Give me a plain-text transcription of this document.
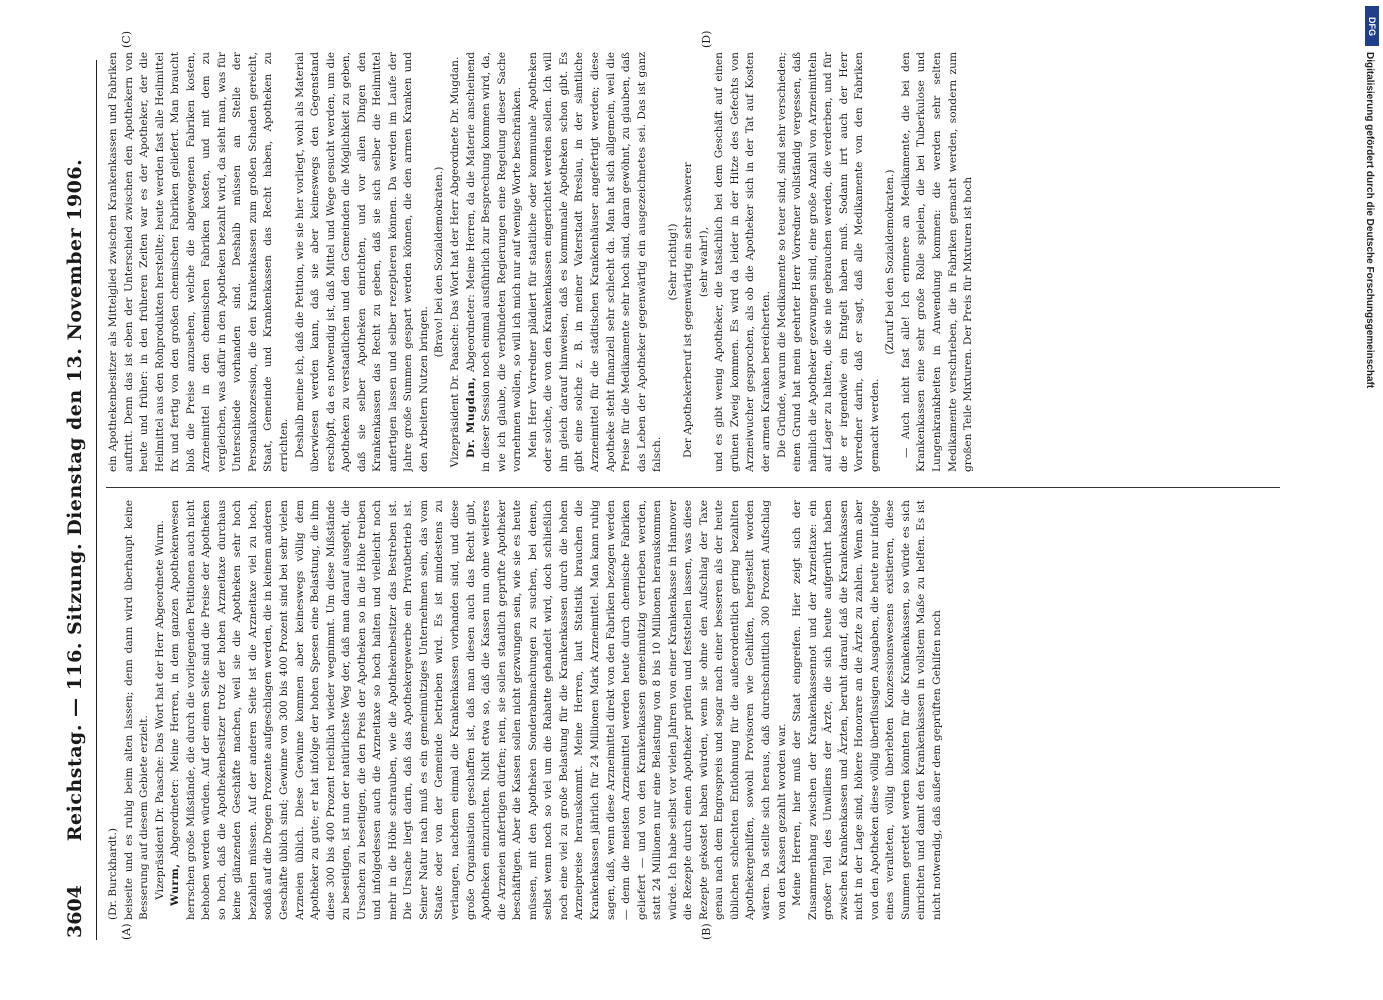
3604
Reichstag. — 116. Sitzung. Dienstag den 13. November 1906.
(A)	(B)
(C)	(D)

(Dr. Burckhardt.) beiseite und es ruhig beim alten lassen; denn dann wird überhaupt keine Besserung auf diesem Gebiete erzielt. Vizepräsident Dr. Paasche: Das Wort hat der Herr Abgeordnete Wurm. Wurm, Abgeordneter: Meine Herren, in dem ganzen Apothekenwesen herrschen große Mißstände, die durch die vorliegenden Petitionen auch nicht behoben werden würden. Auf der einen Seite sind die Preise der Apotheken so hoch, daß die Apothekenbesitzer trotz der hohen Arzneitaxe durchaus keine glänzenden Geschäfte machen, weil sie die Apotheken sehr hoch bezahlen müssen. Auf der anderen Seite ist die Arzneitaxe viel zu hoch, sodaß auf die Drogen Prozente aufgeschlagen werden, die in keinem anderen Geschäfte üblich sind; Gewinne von 300 bis 400 Prozent sind bei sehr vielen Arzneien üblich. Diese Gewinne kommen aber keineswegs völlig dem Apotheker zu gute; er hat infolge der hohen Spesen eine Belastung, die ihm diese 300 bis 400 Prozent reichlich wieder wegnimmt. Um diese Mißstände zu beseitigen, ist nun der natürlichste Weg der, daß man darauf ausgeht, die Ursachen zu beseitigen, die den Preis der Apotheken so in die Höhe treiben und infolgedessen auch die Arzneitaxe so hoch halten und vielleicht noch mehr in die Höhe schrauben, wie die Apothekenbesitzer das Bestreben ist. Die Ursache liegt darin, daß das Apothekergewerbe ein Privatbetrieb ist. Seiner Natur nach muß es ein gemeinnütziges Unternehmen sein, das vom Staate oder von der Gemeinde betrieben wird. Es ist mindestens zu verlangen, nachdem einmal die Krankenkassen vorhanden sind, und diese große Organisation geschaffen ist, daß man diesen auch das Recht gibt, Apotheken einzurichten. Nicht etwa so, daß die Kassen nun ohne weiteres die Arzneien anfertigen dürfen; nein, sie sollen staatlich geprüfte Apotheker beschäftigen. Aber die Kassen sollen nicht gezwungen sein, wie sie es heute müssen, mit den Apotheken Sonderabmachungen zu suchen, bei denen, selbst wenn noch so viel um die Rabatte gehandelt wird, doch schließlich noch eine viel zu große Belastung für die Krankenkassen durch die hohen Arzneipreise herauskommt. Meine Herren, laut Statistik brauchen die Krankenkassen jährlich für 24 Millionen Mark Arzneimittel. Man kann ruhig sagen, daß, wenn diese Arzneimittel direkt von den Fabriken bezogen werden — denn die meisten Arzneimittel werden heute durch chemische Fabriken geliefert — und von den Krankenkassen gemeinnützig vertrieben werden, statt 24 Millionen nur eine Belastung von 8 bis 10 Millionen herauskommen würde. Ich habe selbst vor vielen Jahren von einer Krankenkasse in Hannover die Rezepte durch einen Apotheker prüfen und feststellen lassen, was diese Rezepte gekostet haben würden, wenn sie ohne den Aufschlag der Taxe genau nach dem Engrospreis und sogar nach einer besseren als der heute üblichen schlechten Entlohnung für die außerordentlich gering bezahlten Apothekergehilfen, sowohl Provisoren wie Gehilfen, hergestellt worden wären. Da stellte sich heraus, daß durchschnittlich 300 Prozent Aufschlag von den Kassen gezahlt worden war. Meine Herren, hier muß der Staat eingreifen. Hier zeigt sich der Zusammenhang zwischen der Krankenkassennot und der Arzneitaxe: ein großer Teil des Unwillens der Ärzte, die sich heute aufgerührt haben zwischen Krankenkassen und Ärzten, beruht darauf, daß die Krankenkassen nicht in der Lage sind, höhere Honorare an die Ärzte zu zahlen. Wenn aber von den Apotheken diese völlig überflüssigen Ausgaben, die heute nur infolge eines veralteten, völlig überlebten Konzessionswesens existieren, diese Summen gerettet werden könnten für die Krankenkassen, so würde es sich einrichten und damit den Krankenkassen in vollstem Maße zu helfen. Es ist nicht notwendig, daß außer dem geprüften Gehilfen noch

ein Apothekenbesitzer als Mittelglied zwischen Krankenkassen und Fabriken auftritt. Denn das ist eben der Unterschied zwischen den Apothekern von heute und früher: in den früheren Zeiten war es der Apotheker, der die Heilmittel aus den Rohprodukten herstellte; heute werden fast alle Heilmittel fix und fertig von den großen chemischen Fabriken geliefert. Man braucht bloß die Preise anzusehen, welche die abgewogenen Fabriken kosten, Arzneimittel in den chemischen Fabriken kosten, und mit dem zu vergleichen, was dafür in den Apotheken bezahlt wird, da sieht man, was für Unterschiede vorhanden sind. Deshalb müssen an Stelle der Personalkonzession, die den Krankenkassen zum großen Schaden gereicht, Staat, Gemeinde und Krankenkassen das Recht haben, Apotheken zu errichten. Deshalb meine ich, daß die Petition, wie sie hier vorliegt, wohl als Material überwiesen werden kann, daß sie aber keineswegs den Gegenstand erschöpft, da es notwendig ist, daß Mittel und Wege gesucht werden, um die Apotheken zu verstaatlichen und den Gemeinden die Möglichkeit zu geben, daß sie selber Apotheken einrichten, und vor allen Dingen den Krankenkassen das Recht zu geben, daß sie sich selber die Heilmittel anfertigen lassen und selber rezeptieren können. Da werden im Laufe der Jahre große Summen gespart werden können, die den armen Kranken und den Arbeitern Nutzen bringen.

(Bravo! bei den Sozialdemokraten.) Vizepräsident Dr. Paasche: Das Wort hat der Herr Abgeordnete Dr. Mugdan. Dr. Mugdan, Abgeordneter: Meine Herren, da die Materie anscheinend in dieser Session noch einmal ausführlich zur Besprechung kommen wird, da, wie ich glaube, die verbündeten Regierungen eine Regelung dieser Sache vornehmen wollen, so will ich mich nur auf wenige Worte beschränken. Mein Herr Vorredner plädiert für staatliche oder kommunale Apotheken oder solche, die von den Krankenkassen eingerichtet werden sollen. Ich will ihn gleich darauf hinweisen, daß es kommunale Apotheken schon gibt. Es gibt eine solche z. B. in meiner Vaterstadt Breslau, in der sämtliche Arzneimittel für die städtischen Krankenhäuser angefertigt werden; diese Apotheke steht finanziell sehr schlecht da. Man hat sich allgemein, weil die Preise für die Medikamente sehr hoch sind, daran gewöhnt, zu glauben, daß das Leben der Apotheker gegenwärtig ein ausgezeichnetes sei. Das ist ganz falsch.

(Sehr richtig!) Der Apothekerberuf ist gegenwärtig ein sehr schwerer (sehr wahr!), und es gibt wenig Apotheker, die tatsächlich bei dem Geschäft auf einen grünen Zweig kommen. Es wird da leider in der Hitze des Gefechts von Arzneiwucher gesprochen, als ob die Apotheker sich in der Tat auf Kosten der armen Kranken bereicherten. Die Gründe, warum die Medikamente so teuer sind, sind sehr verschieden; einen Grund hat mein geehrter Herr Vorredner vollständig vergessen, daß nämlich die Apotheker gezwungen sind, eine große Anzahl von Arzneimitteln auf Lager zu halten, die sie nie gebrauchen werden, die verderben, und für die er irgendwie ein Entgelt haben muß. Sodann irrt auch der Herr Vorredner darin, daß er sagt, daß alle Medikamente von den Fabriken gemacht werden.

(Zuruf bei den Sozialdemokraten.) — Auch nicht fast alle! Ich erinnere an Medikamente, die bei den Krankenkassen eine sehr große Rolle spielen, die bei Tuberkulose und Lungenkrankheiten in Anwendung kommen: die werden sehr selten Medikamente verschrieben, die in Fabriken gemacht werden, sondern zum großen Teile Mixturen. Der Preis für Mixturen ist hoch

DFG
Digitalisierung gefördert durch die Deutsche Forschungsgemeinschaft
